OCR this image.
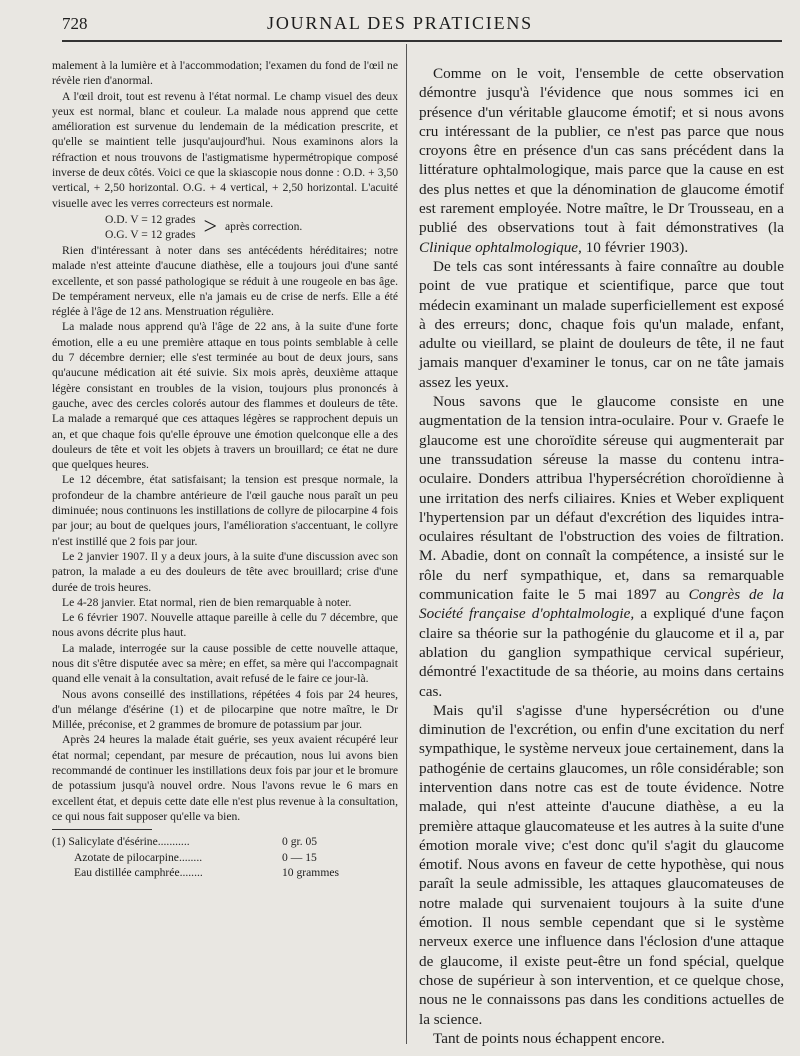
728	JOURNAL DES PRATICIENS

malement à la lumière et à l'accommodation; l'examen du fond de l'œil ne révèle rien d'anormal.

A l'œil droit, tout est revenu à l'état normal. Le champ visuel des deux yeux est normal, blanc et couleur. La malade nous apprend que cette amélioration est survenue du lendemain de la médication prescrite, et qu'elle se maintient telle jusqu'aujourd'hui. Nous examinons alors la réfraction et nous trouvons de l'astigmatisme hypermétropique composé inverse de deux côtés. Voici ce que la skiascopie nous donne : O.D. + 3,50 vertical, + 2,50 horizontal. O.G. + 4 vertical, + 2,50 horizontal. L'acuité visuelle avec les verres correcteurs est normale.

O.D. V = 12 grades
O.G. V = 12 grades > après correction.

Rien d'intéressant à noter dans ses antécédents héréditaires; notre malade n'est atteinte d'aucune diathèse, elle a toujours joui d'une santé excellente, et son passé pathologique se réduit à une rougeole en bas âge. De tempérament nerveux, elle n'a jamais eu de crise de nerfs. Elle a été réglée à l'âge de 12 ans. Menstruation régulière.

La malade nous apprend qu'à l'âge de 22 ans, à la suite d'une forte émotion, elle a eu une première attaque en tous points semblable à celle du 7 décembre dernier; elle s'est terminée au bout de deux jours, sans qu'aucune médication ait été suivie. Six mois après, deuxième attaque légère consistant en troubles de la vision, toujours plus prononcés à gauche, avec des cercles colorés autour des flammes et douleurs de tête. La malade a remarqué que ces attaques légères se rapprochent depuis un an, et que chaque fois qu'elle éprouve une émotion quelconque elle a des douleurs de tête et voit les objets à travers un brouillard; ce état ne dure que quelques heures.

Le 12 décembre, état satisfaisant; la tension est presque normale, la profondeur de la chambre antérieure de l'œil gauche nous paraît un peu diminuée; nous continuons les instillations de collyre de pilocarpine 4 fois par jour; au bout de quelques jours, l'amélioration s'accentuant, le collyre n'est instillé que 2 fois par jour.

Le 2 janvier 1907. Il y a deux jours, à la suite d'une discussion avec son patron, la malade a eu des douleurs de tête avec brouillard; crise d'une durée de trois heures.

Le 4-28 janvier. Etat normal, rien de bien remarquable à noter.

Le 6 février 1907. Nouvelle attaque pareille à celle du 7 décembre, que nous avons décrite plus haut.

La malade, interrogée sur la cause possible de cette nouvelle attaque, nous dit s'être disputée avec sa mère; en effet, sa mère qui l'accompagnait quand elle venait à la consultation, avait refusé de le faire ce jour-là.

Nous avons conseillé des instillations, répétées 4 fois par 24 heures, d'un mélange d'ésérine (1) et de pilocarpine que notre maître, le Dr Millée, préconise, et 2 grammes de bromure de potassium par jour.

Après 24 heures la malade était guérie, ses yeux avaient récupéré leur état normal; cependant, par mesure de précaution, nous lui avons bien recommandé de continuer les instillations deux fois par jour et le bromure de potassium jusqu'à nouvel ordre. Nous l'avons revue le 6 mars en excellent état, et depuis cette date elle n'est plus revenue à la consultation, ce qui nous fait supposer qu'elle va bien.

(1) Salicylate d'ésérine...........	0 gr. 05
Azotate de pilocarpine........	0 — 15
Eau distillée camphrée........	10 grammes

Comme on le voit, l'ensemble de cette observation démontre jusqu'à l'évidence que nous sommes ici en présence d'un véritable glaucome émotif; et si nous avons cru intéressant de la publier, ce n'est pas parce que nous croyons être en présence d'un cas sans précédent dans la littérature ophtalmologique, mais parce que la cause en est des plus nettes et que la dénomination de glaucome émotif est rarement employée. Notre maître, le Dr Trousseau, en a publié des observations tout à fait démonstratives (la Clinique ophtalmologique, 10 février 1903).

De tels cas sont intéressants à faire connaître au double point de vue pratique et scientifique, parce que tout médecin examinant un malade superficiellement est exposé à des erreurs; donc, chaque fois qu'un malade, enfant, adulte ou vieillard, se plaint de douleurs de tête, il ne faut jamais manquer d'examiner le tonus, car on ne tâte jamais assez les yeux.

Nous savons que le glaucome consiste en une augmentation de la tension intra-oculaire. Pour v. Graefe le glaucome est une choroïdite séreuse qui augmenterait par une transsudation séreuse la masse du contenu intra-oculaire. Donders attribua l'hypersécrétion choroïdienne à une irritation des nerfs ciliaires. Knies et Weber expliquent l'hypertension par un défaut d'excrétion des liquides intra-oculaires résultant de l'obstruction des voies de filtration. M. Abadie, dont on connaît la compétence, a insisté sur le rôle du nerf sympathique, et, dans sa remarquable communication faite le 5 mai 1897 au Congrès de la Société française d'ophtalmologie, a expliqué d'une façon claire sa théorie sur la pathogénie du glaucome et il a, par ablation du ganglion sympathique cervical supérieur, démontré l'exactitude de sa théorie, au moins dans certains cas.

Mais qu'il s'agisse d'une hypersécrétion ou d'une diminution de l'excrétion, ou enfin d'une excitation du nerf sympathique, le système nerveux joue certainement, dans la pathogénie de certains glaucomes, un rôle considérable; son intervention dans notre cas est de toute évidence. Notre malade, qui n'est atteinte d'aucune diathèse, a eu la première attaque glaucomateuse et les autres à la suite d'une émotion morale vive; c'est donc qu'il s'agit du glaucome émotif. Nous avons en faveur de cette hypothèse, qui nous paraît la seule admissible, les attaques glaucomateuses de notre malade qui survenaient toujours à la suite d'une émotion. Il nous semble cependant que si le système nerveux exerce une influence dans l'éclosion d'une attaque de glaucome, il existe peut-être un fond spécial, quelque chose de supérieur à son intervention, et ce quelque chose, nous ne le connaissons pas dans les conditions actuelles de la science.

Tant de points nous échappent encore.
